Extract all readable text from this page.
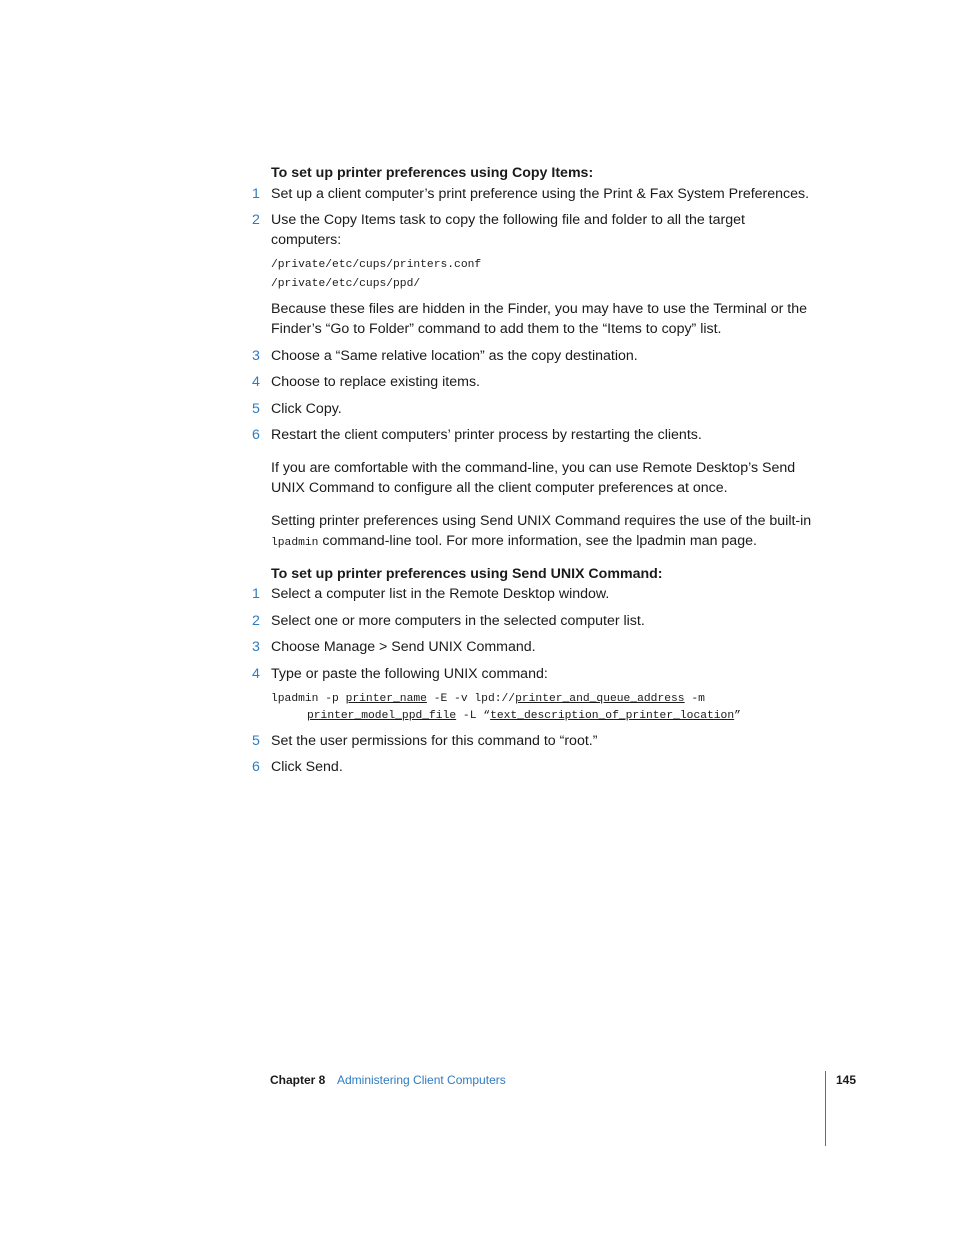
To set up printer preferences using Copy Items:
1 Set up a client computer’s print preference using the Print & Fax System Preferences.
2 Use the Copy Items task to copy the following file and folder to all the target
computers:
/private/etc/cups/printers.conf
/private/etc/cups/ppd/
Because these files are hidden in the Finder, you may have to use the Terminal or the
Finder’s “Go to Folder” command to add them to the “Items to copy” list.
3 Choose a “Same relative location” as the copy destination.
4 Choose to replace existing items.
5 Click Copy.
6 Restart the client computers’ printer process by restarting the clients.
If you are comfortable with the command-line, you can use Remote Desktop’s Send
UNIX Command to configure all the client computer preferences at once.
Setting printer preferences using Send UNIX Command requires the use of the built-in
lpadmin command-line tool. For more information, see the lpadmin man page.
To set up printer preferences using Send UNIX Command:
1 Select a computer list in the Remote Desktop window.
2 Select one or more computers in the selected computer list.
3 Choose Manage > Send UNIX Command.
4 Type or paste the following UNIX command:
lpadmin -p printer_name -E -v lpd://printer_and_queue_address -m
printer_model_ppd_file -L “text_description_of_printer_location”
5 Set the user permissions for this command to “root.”
6 Click Send.
Chapter 8 Administering Client Computers	145
